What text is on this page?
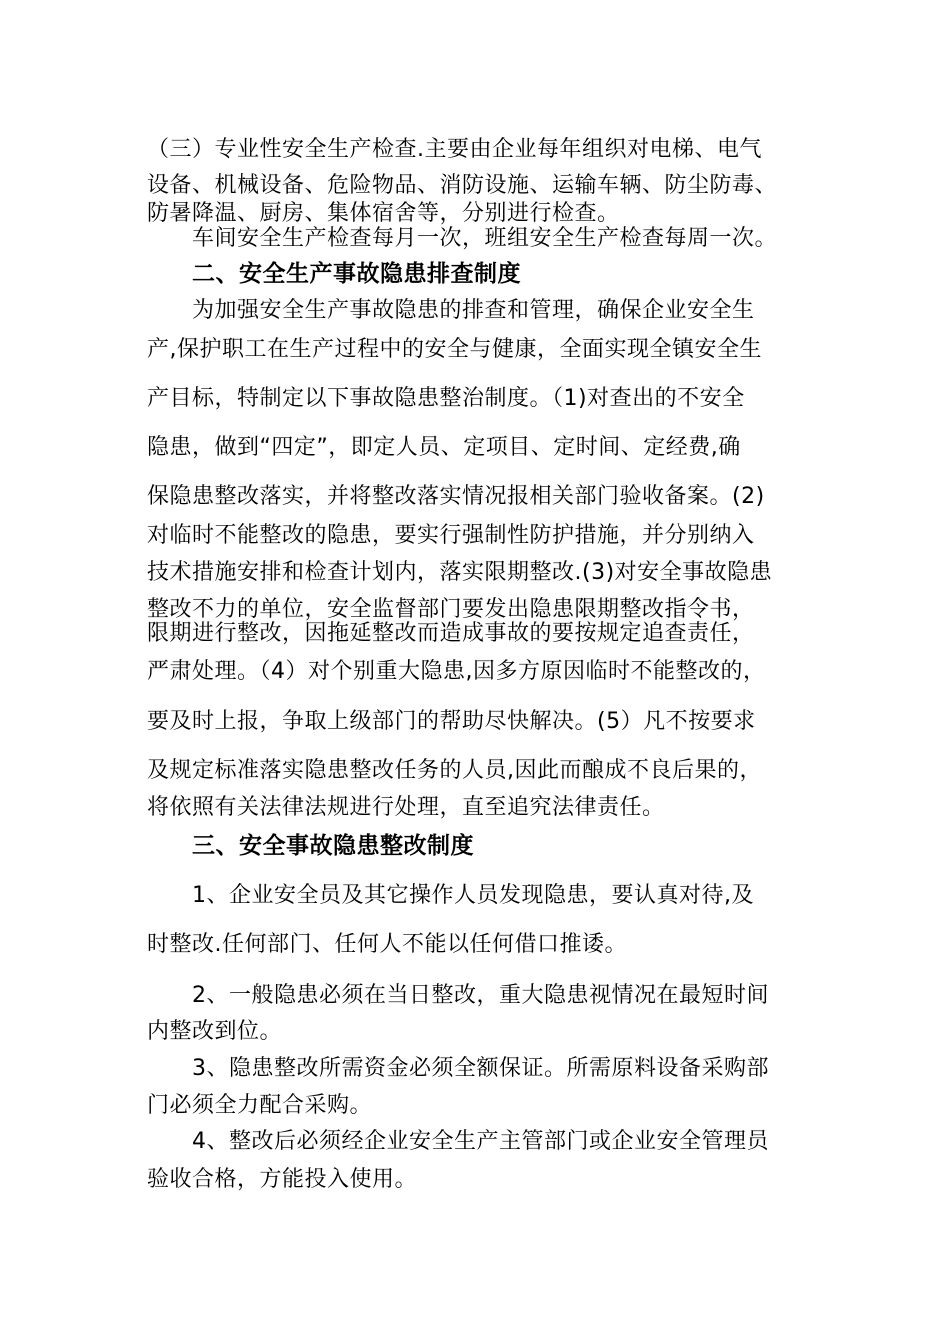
（三）专业性安全生产检查.主要由企业每年组织对电梯、电气
设备、机械设备、危险物品、消防设施、运输车辆、防尘防毒、
防暑降温、厨房、集体宿舍等，分别进行检查。
车间安全生产检查每月一次，班组安全生产检查每周一次。
二、安全生产事故隐患排查制度
为加强安全生产事故隐患的排查和管理，确保企业安全生
产,保护职工在生产过程中的安全与健康，全面实现全镇安全生
产目标，特制定以下事故隐患整治制度。（1)对查出的不安全
隐患，做到“四定”，即定人员、定项目、定时间、定经费,确
保隐患整改落实，并将整改落实情况报相关部门验收备案。(2)
对临时不能整改的隐患，要实行强制性防护措施，并分别纳入
技术措施安排和检查计划内，落实限期整改.(3)对安全事故隐患
整改不力的单位，安全监督部门要发出隐患限期整改指令书，
限期进行整改，因拖延整改而造成事故的要按规定追查责任，
严肃处理。（4）对个别重大隐患,因多方原因临时不能整改的，
要及时上报，争取上级部门的帮助尽快解决。(5）凡不按要求
及规定标准落实隐患整改任务的人员,因此而酿成不良后果的，
将依照有关法律法规进行处理，直至追究法律责任。
三、安全事故隐患整改制度
1、企业安全员及其它操作人员发现隐患，要认真对待,及
时整改.任何部门、任何人不能以任何借口推诿。
2、一般隐患必须在当日整改，重大隐患视情况在最短时间
内整改到位。
3、隐患整改所需资金必须全额保证。所需原料设备采购部
门必须全力配合采购。
4、整改后必须经企业安全生产主管部门或企业安全管理员
验收合格，方能投入使用。
